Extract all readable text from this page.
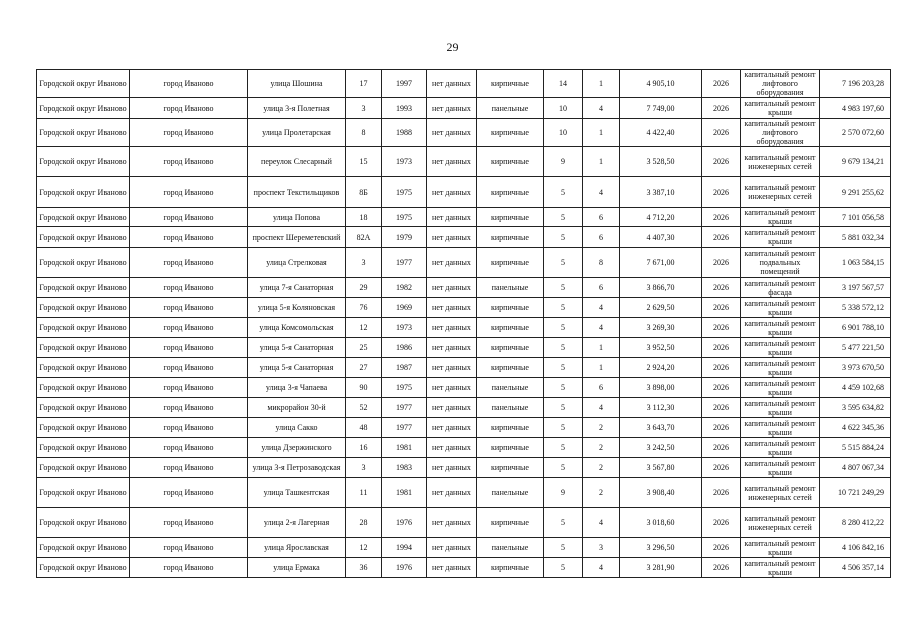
29
Городской округ Иваново	город Иваново	улица Шошина	17	1997	нет данных	кирпичные	14	1	4 905,10	2026	капитальный ремонт лифтового оборудования	7 196 203,28
Городской округ Иваново	город Иваново	улица 3-я Полетная	3	1993	нет данных	панельные	10	4	7 749,00	2026	капитальный ремонт крыши	4 983 197,60
Городской округ Иваново	город Иваново	улица Пролетарская	8	1988	нет данных	кирпичные	10	1	4 422,40	2026	капитальный ремонт лифтового оборудования	2 570 072,60
Городской округ Иваново	город Иваново	переулок Слесарный	15	1973	нет данных	кирпичные	9	1	3 528,50	2026	капитальный ремонт инженерных сетей	9 679 134,21
Городской округ Иваново	город Иваново	проспект Текстильщиков	8Б	1975	нет данных	кирпичные	5	4	3 387,10	2026	капитальный ремонт инженерных сетей	9 291 255,62
Городской округ Иваново	город Иваново	улица Попова	18	1975	нет данных	кирпичные	5	6	4 712,20	2026	капитальный ремонт крыши	7 101 056,58
Городской округ Иваново	город Иваново	проспект Шереметевский	82А	1979	нет данных	кирпичные	5	6	4 407,30	2026	капитальный ремонт крыши	5 881 032,34
Городской округ Иваново	город Иваново	улица Стрелковая	3	1977	нет данных	кирпичные	5	8	7 671,00	2026	капитальный ремонт подвальных помещений	1 063 584,15
Городской округ Иваново	город Иваново	улица 7-я Санаторная	29	1982	нет данных	панельные	5	6	3 866,70	2026	капитальный ремонт фасада	3 197 567,57
Городской округ Иваново	город Иваново	улица 5-я Коляновская	76	1969	нет данных	кирпичные	5	4	2 629,50	2026	капитальный ремонт крыши	5 338 572,12
Городской округ Иваново	город Иваново	улица Комсомольская	12	1973	нет данных	кирпичные	5	4	3 269,30	2026	капитальный ремонт крыши	6 901 788,10
Городской округ Иваново	город Иваново	улица 5-я Санаторная	25	1986	нет данных	кирпичные	5	1	3 952,50	2026	капитальный ремонт крыши	5 477 221,50
Городской округ Иваново	город Иваново	улица 5-я Санаторная	27	1987	нет данных	кирпичные	5	1	2 924,20	2026	капитальный ремонт крыши	3 973 670,50
Городской округ Иваново	город Иваново	улица 3-я Чапаева	90	1975	нет данных	панельные	5	6	3 898,00	2026	капитальный ремонт крыши	4 459 102,68
Городской округ Иваново	город Иваново	микрорайон 30-й	52	1977	нет данных	панельные	5	4	3 112,30	2026	капитальный ремонт крыши	3 595 634,82
Городской округ Иваново	город Иваново	улица Сакко	48	1977	нет данных	кирпичные	5	2	3 643,70	2026	капитальный ремонт крыши	4 622 345,36
Городской округ Иваново	город Иваново	улица Дзержинского	16	1981	нет данных	кирпичные	5	2	3 242,50	2026	капитальный ремонт крыши	5 515 884,24
Городской округ Иваново	город Иваново	улица 3-я Петрозаводская	3	1983	нет данных	кирпичные	5	2	3 567,80	2026	капитальный ремонт крыши	4 807 067,34
Городской округ Иваново	город Иваново	улица Ташкентская	11	1981	нет данных	панельные	9	2	3 908,40	2026	капитальный ремонт инженерных сетей	10 721 249,29
Городской округ Иваново	город Иваново	улица 2-я Лагерная	28	1976	нет данных	кирпичные	5	4	3 018,60	2026	капитальный ремонт инженерных сетей	8 280 412,22
Городской округ Иваново	город Иваново	улица Ярославская	12	1994	нет данных	панельные	5	3	3 296,50	2026	капитальный ремонт крыши	4 106 842,16
Городской округ Иваново	город Иваново	улица Ермака	36	1976	нет данных	кирпичные	5	4	3 281,90	2026	капитальный ремонт крыши	4 506 357,14
